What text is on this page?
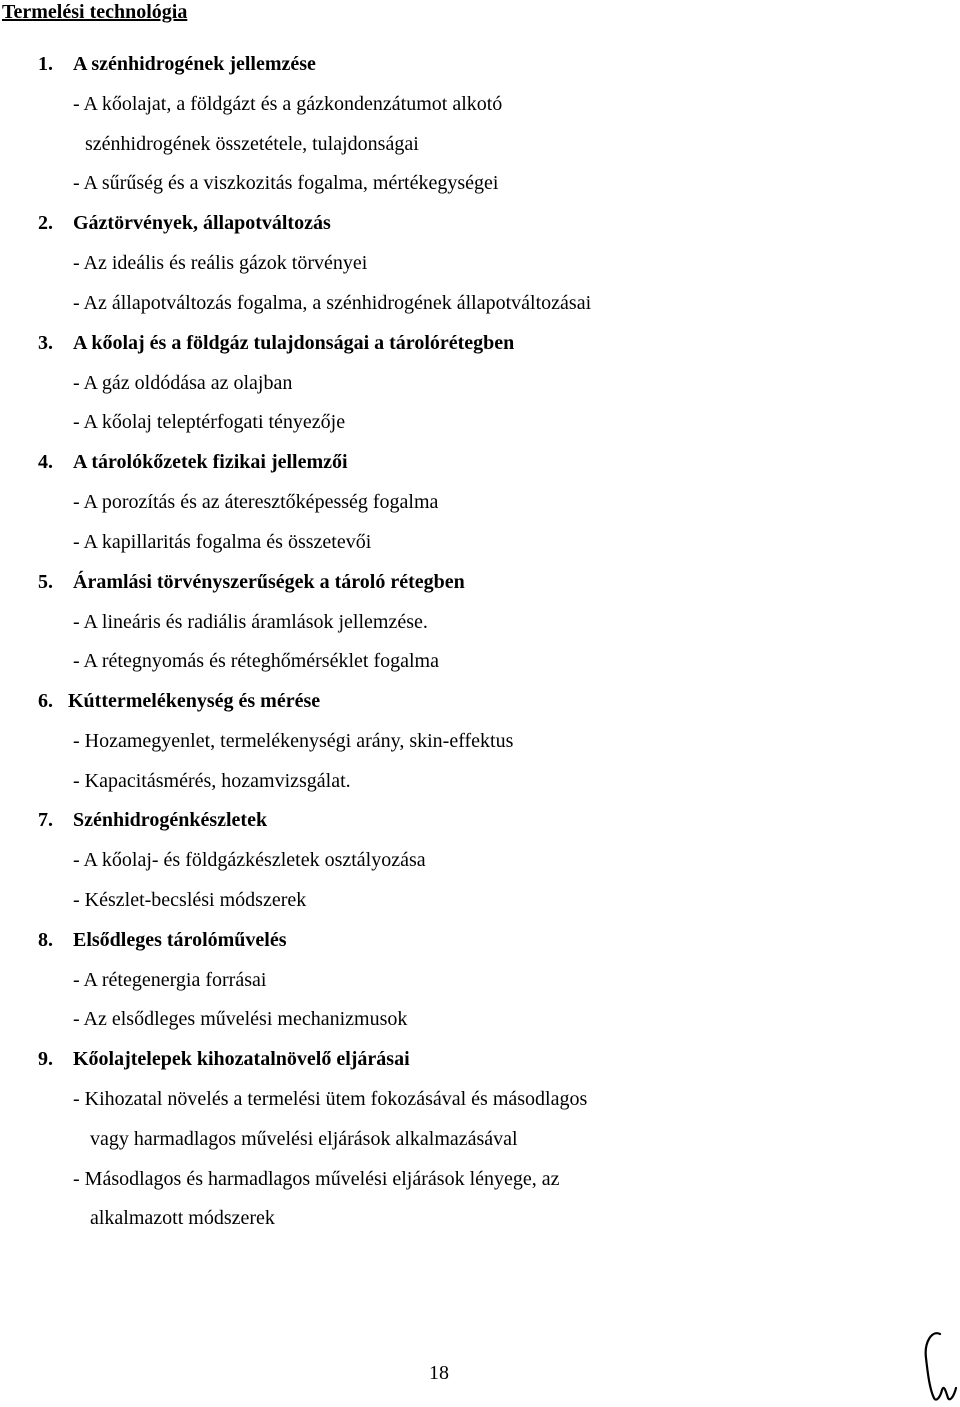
Termelési technológia
1. A szénhidrogének jellemzése
- A kőolajat, a földgázt és a gázkondenzátumot alkotó
szénhidrogének összetétele, tulajdonságai
- A sűrűség és a viszkozitás fogalma, mértékegységei
2. Gáztörvények, állapotváltozás
- Az ideális és reális gázok törvényei
- Az állapotváltozás fogalma, a szénhidrogének állapotváltozásai
3. A kőolaj és a földgáz tulajdonságai a tárolórétegben
- A gáz oldódása az olajban
- A kőolaj teleptérfogati tényezője
4. A tárolókőzetek fizikai jellemzői
- A porozítás és az áteresztőképesség fogalma
- A kapillaritás fogalma és összetevői
5. Áramlási törvényszerűségek a tároló rétegben
- A lineáris és radiális áramlások jellemzése.
- A rétegnyomás és réteghőmérséklet fogalma
6. Kúttermelékenység és mérése
- Hozamegyenlet, termelékenységi arány, skin-effektus
- Kapacitásmérés, hozamvizsgálat.
7. Szénhidrogénkészletek
- A kőolaj- és földgázkészletek osztályozása
- Készlet-becslési módszerek
8. Elsődleges tárolóművelés
- A rétegenergia forrásai
- Az elsődleges művelési mechanizmusok
9. Kőolajtelepek kihozatalnövelő eljárásai
- Kihozatal növelés a termelési ütem fokozásával és másodlagos
vagy harmadlagos művelési eljárások alkalmazásával
- Másodlagos és harmadlagos művelési eljárások lényege, az
alkalmazott módszerek
18
